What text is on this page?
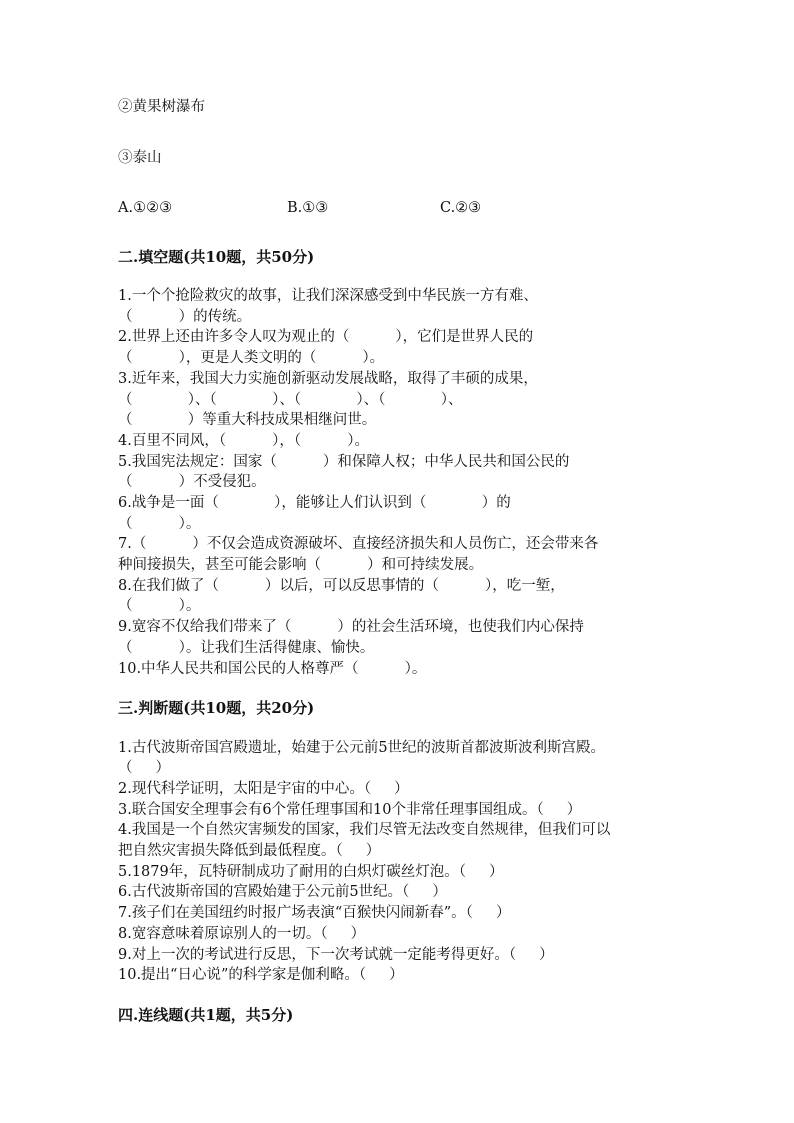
②黄果树瀑布
③泰山
A.①②③	B.①③	C.②③
二.填空题(共10题，共50分)
1.一个个抢险救灾的故事，让我们深深感受到中华民族一方有难、
（          ）的传统。
2.世界上还由许多令人叹为观止的（          ），它们是世界人民的
（          ），更是人类文明的（          ）。
3.近年来，我国大力实施创新驱动发展战略，取得了丰硕的成果，
（            ）、（            ）、（            ）、（            ）、
（            ）等重大科技成果相继问世。
4.百里不同风，（          ），（          ）。
5.我国宪法规定：国家（          ）和保障人权；中华人民共和国公民的
（          ）不受侵犯。
6.战争是一面（            ），能够让人们认识到（            ）的
（          ）。
7.（          ）不仅会造成资源破坏、直接经济损失和人员伤亡，还会带来各
种间接损失，甚至可能会影响（          ）和可持续发展。
8.在我们做了（          ）以后，可以反思事情的（          ），吃一堑，
（          ）。
9.宽容不仅给我们带来了（          ）的社会生活环境，也使我们内心保持
（          ）。让我们生活得健康、愉快。
10.中华人民共和国公民的人格尊严（          ）。
三.判断题(共10题，共20分)
1.古代波斯帝国宫殿遗址，始建于公元前5世纪的波斯首都波斯波利斯宫殿。
（     ）
2.现代科学证明，太阳是宇宙的中心。（     ）
3.联合国安全理事会有6个常任理事国和10个非常任理事国组成。（     ）
4.我国是一个自然灾害频发的国家，我们尽管无法改变自然规律，但我们可以
把自然灾害损失降低到最低程度。（     ）
5.1879年，瓦特研制成功了耐用的白炽灯碳丝灯泡。（     ）
6.古代波斯帝国的宫殿始建于公元前5世纪。（     ）
7.孩子们在美国纽约时报广场表演“百猴快闪闹新春”。（     ）
8.宽容意味着原谅别人的一切。（     ）
9.对上一次的考试进行反思，下一次考试就一定能考得更好。（     ）
10.提出“日心说”的科学家是伽利略。（     ）
四.连线题(共1题，共5分)
